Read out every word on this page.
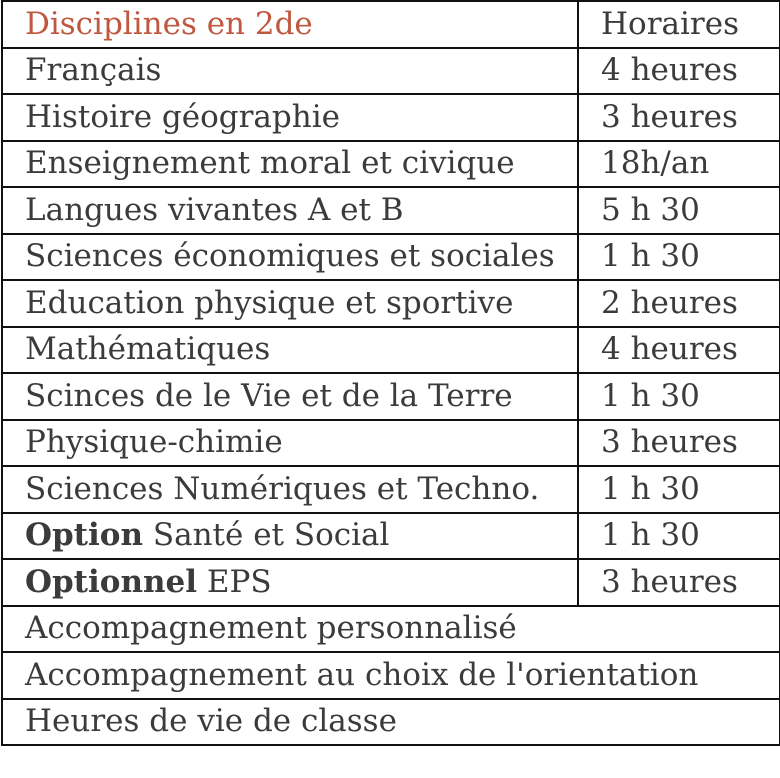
Disciplines en 2de	Horaires
Français	4 heures
Histoire géographie	3 heures
Enseignement moral et civique	18h/an
Langues vivantes A et B	5 h 30
Sciences économiques et sociales	1 h 30
Education physique et sportive	2 heures
Mathématiques	4 heures
Scinces de le Vie et de la Terre	1 h 30
Physique-chimie	3 heures
Sciences Numériques et Techno.	1 h 30
Option Santé et Social	1 h 30
Optionnel EPS	3 heures
Accompagnement personnalisé	
Accompagnement au choix de l'orientation	
Heures de vie de classe	
